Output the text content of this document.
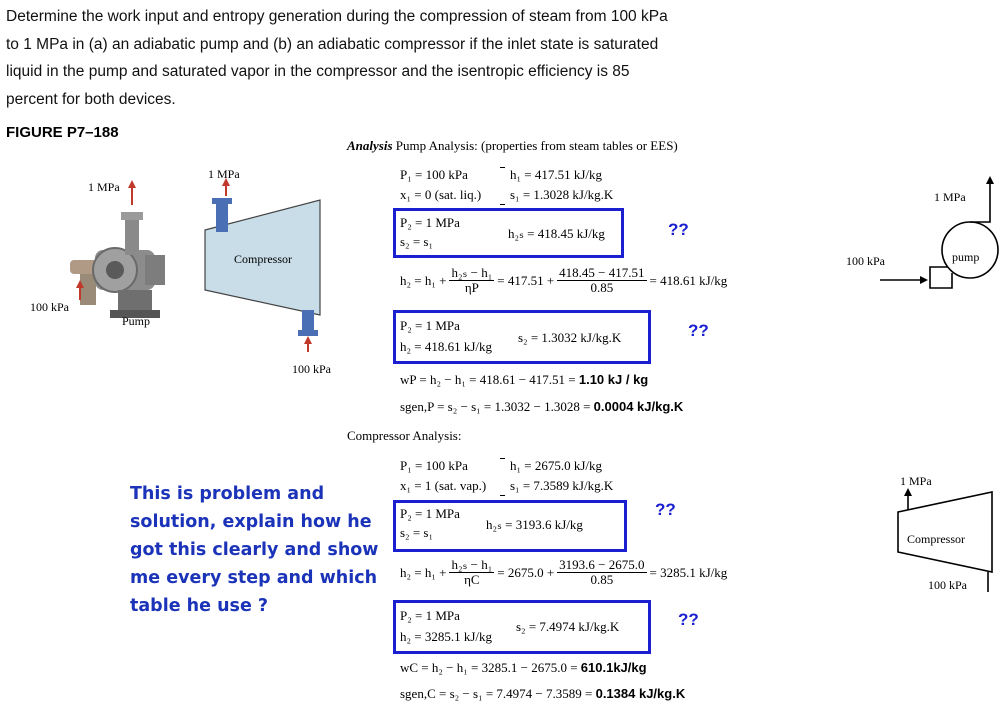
Determine the work input and entropy generation during the compression of steam from 100 kPa
to 1 MPa in (a) an adiabatic pump and (b) an adiabatic compressor if the inlet state is saturated
liquid in the pump and saturated vapor in the compressor and the isentropic efficiency is 85
percent for both devices.
FIGURE P7–188
1 MPa
100 kPa
Pump
1 MPa
Compressor
100 kPa
Analysis Pump Analysis: (properties from steam tables or EES)
P₁ = 100 kPa
x₁ = 0 (sat. liq.)
h₁ = 417.51 kJ/kg
s₁ = 1.3028 kJ/kg.K
P₂ = 1 MPa
s₂ = s₁
h₂ₛ = 418.45 kJ/kg	??
$h_2 = h_1 + \frac{\text{h₂ₛ − h₁}}{\eta P} = 417.51 + \frac{418.45 - 417.51}{0.85} = 418.61$ kJ/kg
P₂ = 1 MPa
h₂ = 418.61 kJ/kg
s₂ = 1.3032 kJ/kg.K	??
wP = h₂ − h₁ = 418.61 − 417.51 = 1.10 kJ / kg
sgen,P = s₂ − s₁ = 1.3032 − 1.3028 = 0.0004 kJ/kg.K
Compressor Analysis:
P₁ = 100 kPa
x₁ = 1 (sat. vap.)
h₁ = 2675.0 kJ/kg
s₁ = 7.3589 kJ/kg.K
P₂ = 1 MPa
s₂ = s₁
h₂ₛ = 3193.6 kJ/kg
??
$h_2 = h_1 + \frac{\text{h₂ₛ − h₁}}{\eta C} = 2675.0 + \frac{3193.6 - 2675.0}{0.85} = 3285.1$ kJ/kg
P₂ = 1 MPa
h₂ = 3285.1 kJ/kg
s₂ = 7.4974 kJ/kg.K	??
wC = h₂ − h₁ = 3285.1 − 2675.0 = 610.1kJ/kg
sgen,C = s₂ − s₁ = 7.4974 − 7.3589 = 0.1384 kJ/kg.K
This is problem and solution, explain how he got this clearly and show me every step and which table he use ?
1 MPa
100 kPa	pump
1 MPa
Compressor
100 kPa
